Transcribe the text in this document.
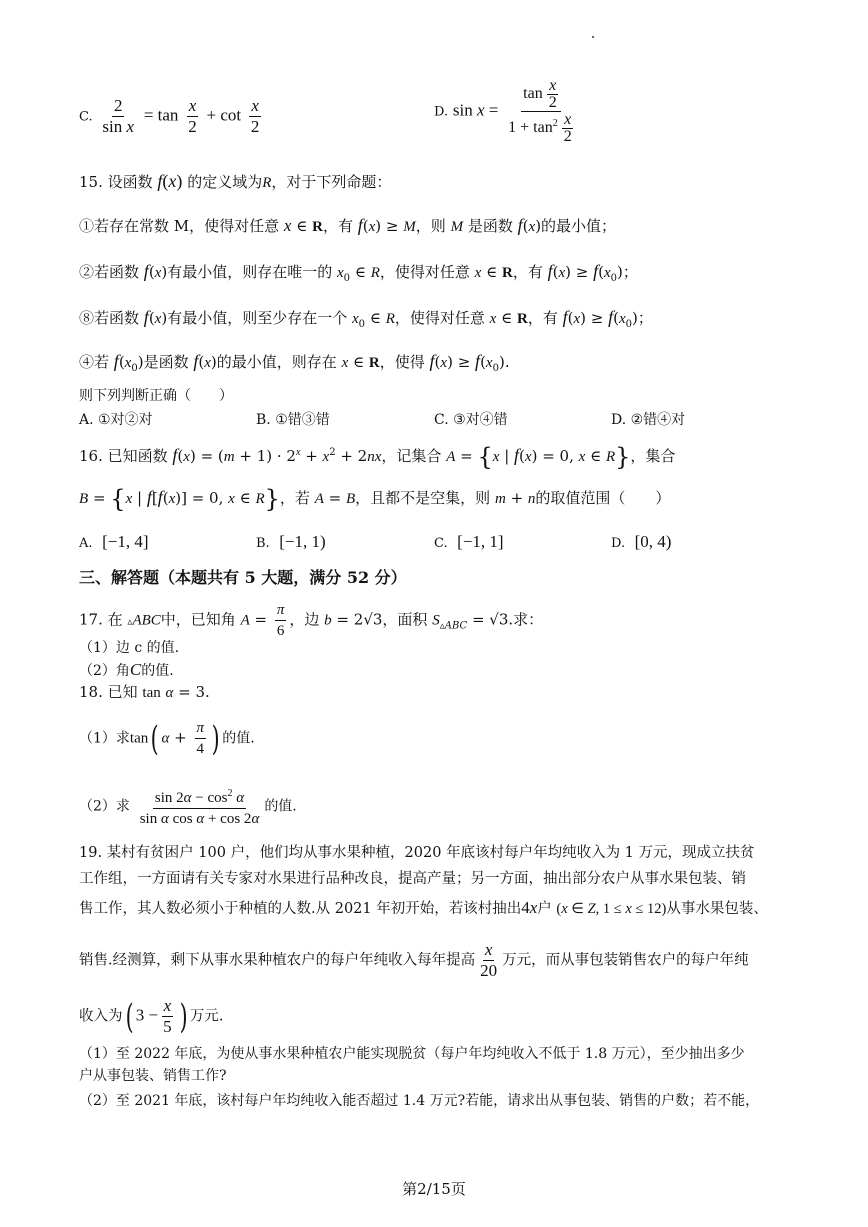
C. $\frac{2}{\text{sin x}} = \tan \frac{x}{2} + \cot \frac{x}{2}$	D. $\sin x = \frac{\tan \frac{x}{2}}{1 + \tan^2 \frac{x}{2}}$
15. 设函数 f(x) 的定义域为R，对于下列命题：
①若存在常数 M，使得对任意 x ∈ R，有 f(x) ≥ M，则 M 是函数 f(x)的最小值；
②若函数 f(x)有最小值，则存在唯一的 $x_0$ ∈ R，使得对任意 x ∈ R，有 $f(x) \ge f(x_0)$；
⑧若函数 f(x)有最小值，则至少存在一个 $x_0$ ∈ R，使得对任意 x ∈ R，有 $f(x) \ge f(x_0)$；
④若 $f(x_0)$是函数 f(x)的最小值，则存在 x ∈ R，使得 $f(x) \ge f(x_0)$.
则下列判断正确（　　）
A. ①对②对	B. ①错③错	C. ③对④错	D. ②错④对
16. 已知函数 $f(x) = (m + 1) \cdot 2^x + x^2 + 2nx$，记集合 A = {x | f(x) = 0, x ∈ R}，集合
B = {x | f[f(x)] = 0, x ∈ R}，若 A = B，且都不是空集，则 m + n的取值范围（　　）
A. [−1, 4]	B. [−1, 1)	C. [−1, 1]	D. [0, 4)
三、解答题（本题共有 5 大题，满分 52 分）
17. 在 ▵ABC中，已知角 $A = \frac{\pi}{6}$ ，边 b = 2√3，面积 $S_{▵ABC} = √3$.求：
（1）边 c 的值.
（2）角C的值.
18. 已知 tan α = 3.
（1）求tan( $\alpha + \frac{\pi}{4}$ ) 的值.
（2）求 $\frac{\sin 2\alpha - \cos^2 \alpha}{\text{sin α cos α + cos 2α}}$ 的值.
19. 某村有贫困户 100 户，他们均从事水果种植，2020 年底该村每户年均纯收入为 1 万元，现成立扶贫
工作组，一方面请有关专家对水果进行品种改良，提高产量；另一方面，抽出部分农户从事水果包装、销
售工作，其人数必须小于种植的人数.从 2021 年初开始，若该村抽出4x户 (x ∈ Z, 1 ≤ x ≤ 12)从事水果包装、
销售.经测算，剩下从事水果种植农户的每户年纯收入每年提高 $\frac{x}{20}$ 万元，而从事包装销售农户的每户年纯
收入为( $3 - \frac{x}{5}$ ) 万元.
（1）至 2022 年底，为使从事水果种植农户能实现脱贫（每户年均纯收入不低于 1.8 万元），至少抽出多少
户从事包装、销售工作?
（2）至 2021 年底，该村每户年均纯收入能否超过 1.4 万元?若能，请求出从事包装、销售的户数；若不能，
第2/15页
